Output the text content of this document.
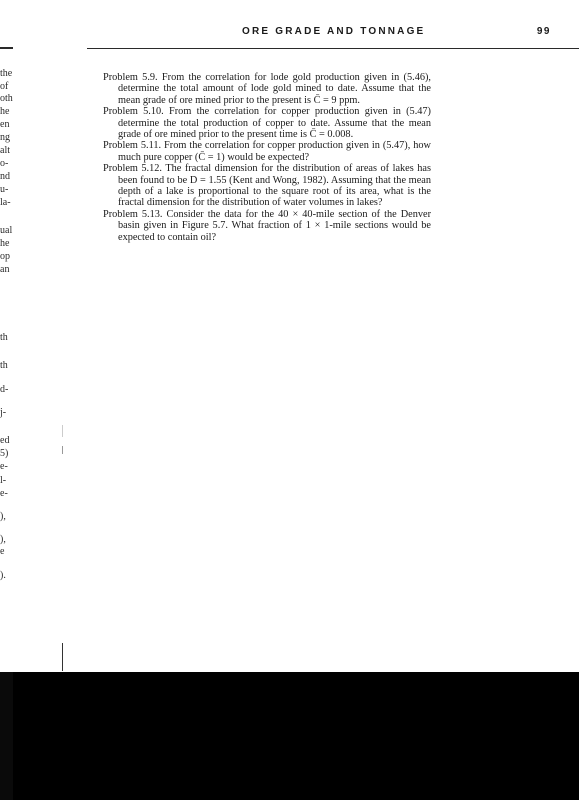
ORE GRADE AND TONNAGE	99

Problem 5.9. From the correlation for lode gold production given in (5.46), determine the total amount of lode gold mined to date. Assume that the mean grade of ore mined prior to the present is C̄ = 9 ppm.

Problem 5.10. From the correlation for copper production given in (5.47) determine the total production of copper to date. Assume that the mean grade of ore mined prior to the present time is C̄ = 0.008.

Problem 5.11. From the correlation for copper production given in (5.47), how much pure copper (C̄ = 1) would be expected?

Problem 5.12. The fractal dimension for the distribution of areas of lakes has been found to be D = 1.55 (Kent and Wong, 1982). Assuming that the mean depth of a lake is proportional to the square root of its area, what is the fractal dimension for the distribution of water volumes in lakes?

Problem 5.13. Consider the data for the 40 × 40-mile section of the Denver basin given in Figure 5.7. What fraction of 1 × 1-mile sections would be expected to contain oil?

the
of
oth
he
en
ng
alt
o-
nd
u-
la-
ual
he
op
an
th
th
d-
j-
ed
5)
e-
l-
e-
),
),
e
).
